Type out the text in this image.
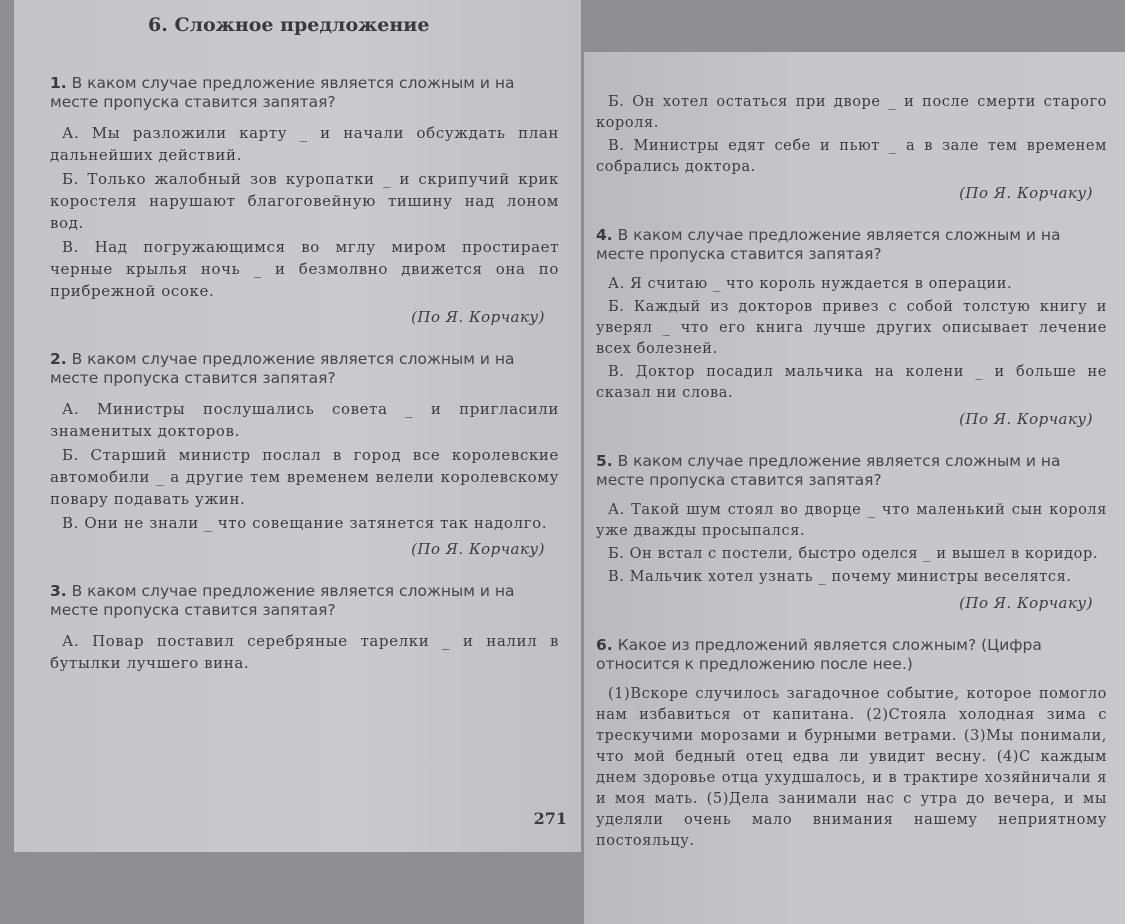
6. Сложное предложение

1. В каком случае предложение является сложным и на месте пропуска ставится запятая?

А. Мы разложили карту _ и начали обсуждать план дальнейших действий.

Б. Только жалобный зов куропатки _ и скрипучий крик коростеля нарушают благоговейную тишину над лоном вод.

В. Над погружающимся во мглу миром простирает черные крылья ночь _ и безмолвно движется она по прибрежной осоке.

(По Я. Корчаку)

2. В каком случае предложение является сложным и на месте пропуска ставится запятая?

А. Министры послушались совета _ и пригласили знаменитых докторов.

Б. Старший министр послал в город все королевские автомобили _ а другие тем временем велели королевскому повару подавать ужин.

В. Они не знали _ что совещание затянется так надолго.

(По Я. Корчаку)

3. В каком случае предложение является сложным и на месте пропуска ставится запятая?

А. Повар поставил серебряные тарелки _ и налил в бутылки лучшего вина.

271

Б. Он хотел остаться при дворе _ и после смерти старого короля.

В. Министры едят себе и пьют _ а в зале тем временем собрались доктора.

(По Я. Корчаку)

4. В каком случае предложение является сложным и на месте пропуска ставится запятая?

А. Я считаю _ что король нуждается в операции.

Б. Каждый из докторов привез с собой толстую книгу и уверял _ что его книга лучше других описывает лечение всех болезней.

В. Доктор посадил мальчика на колени _ и больше не сказал ни слова.

(По Я. Корчаку)

5. В каком случае предложение является сложным и на месте пропуска ставится запятая?

А. Такой шум стоял во дворце _ что маленький сын короля уже дважды просыпался.

Б. Он встал с постели, быстро оделся _ и вышел в коридор.

В. Мальчик хотел узнать _ почему министры веселятся.

(По Я. Корчаку)

6. Какое из предложений является сложным? (Цифра относится к предложению после нее.)

(1)Вскоре случилось загадочное событие, которое помогло нам избавиться от капитана. (2)Стояла холодная зима с трескучими морозами и бурными ветрами. (3)Мы понимали, что мой бедный отец едва ли увидит весну. (4)С каждым днем здоровье отца ухудшалось, и в трактире хозяйничали я и моя мать. (5)Дела занимали нас с утра до вечера, и мы уделяли очень мало внимания нашему неприятному постояльцу.
